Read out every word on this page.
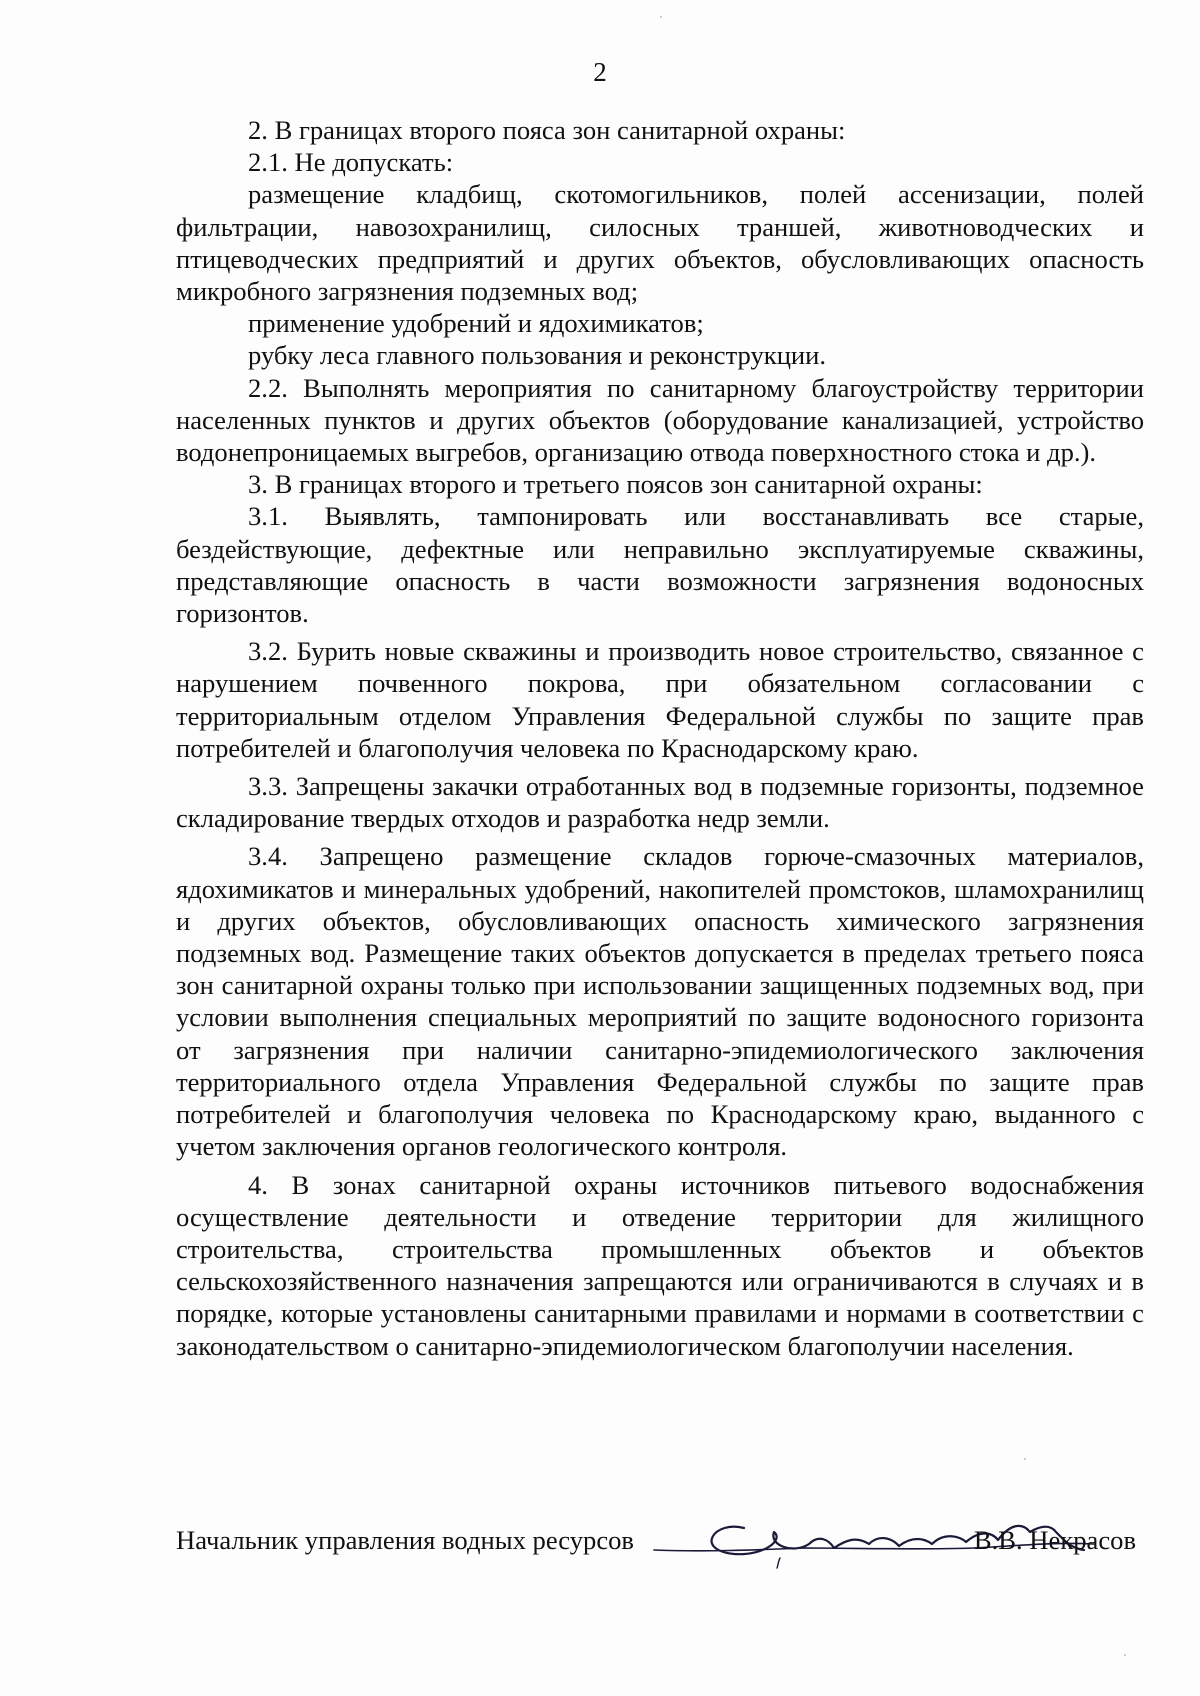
2

2. В границах второго пояса зон санитарной охраны:

2.1. Не допускать:

размещение кладбищ, скотомогильников, полей ассенизации, полей фильтрации, навозохранилищ, силосных траншей, животноводческих и птицеводческих предприятий и других объектов, обусловливающих опасность микробного загрязнения подземных вод;

применение удобрений и ядохимикатов;

рубку леса главного пользования и реконструкции.

2.2. Выполнять мероприятия по санитарному благоустройству территории населенных пунктов и других объектов (оборудование канализацией, устройство водонепроницаемых выгребов, организацию отвода поверхностного стока и др.).

3. В границах второго и третьего поясов зон санитарной охраны:

3.1. Выявлять, тампонировать или восстанавливать все старые, бездействующие, дефектные или неправильно эксплуатируемые скважины, представляющие опасность в части возможности загрязнения водоносных горизонтов.

3.2. Бурить новые скважины и производить новое строительство, связанное с нарушением почвенного покрова, при обязательном согласовании с территориальным отделом Управления Федеральной службы по защите прав потребителей и благополучия человека по Краснодарскому краю.

3.3. Запрещены закачки отработанных вод в подземные горизонты, подземное складирование твердых отходов и разработка недр земли.

3.4. Запрещено размещение складов горюче-смазочных материалов, ядохимикатов и минеральных удобрений, накопителей промстоков, шламохранилищ и других объектов, обусловливающих опасность химического загрязнения подземных вод. Размещение таких объектов допускается в пределах третьего пояса зон санитарной охраны только при использовании защищенных подземных вод, при условии выполнения специальных мероприятий по защите водоносного горизонта от загрязнения при наличии санитарно-эпидемиологического заключения территориального отдела Управления Федеральной службы по защите прав потребителей и благополучия человека по Краснодарскому краю, выданного с учетом заключения органов геологического контроля.

4. В зонах санитарной охраны источников питьевого водоснабжения осуществление деятельности и отведение территории для жилищного строительства, строительства промышленных объектов и объектов сельскохозяйственного назначения запрещаются или ограничиваются в случаях и в порядке, которые установлены санитарными правилами и нормами в соответствии с законодательством о санитарно-эпидемиологическом благополучии населения.

Начальник управления водных ресурсов	В.В. Некрасов
